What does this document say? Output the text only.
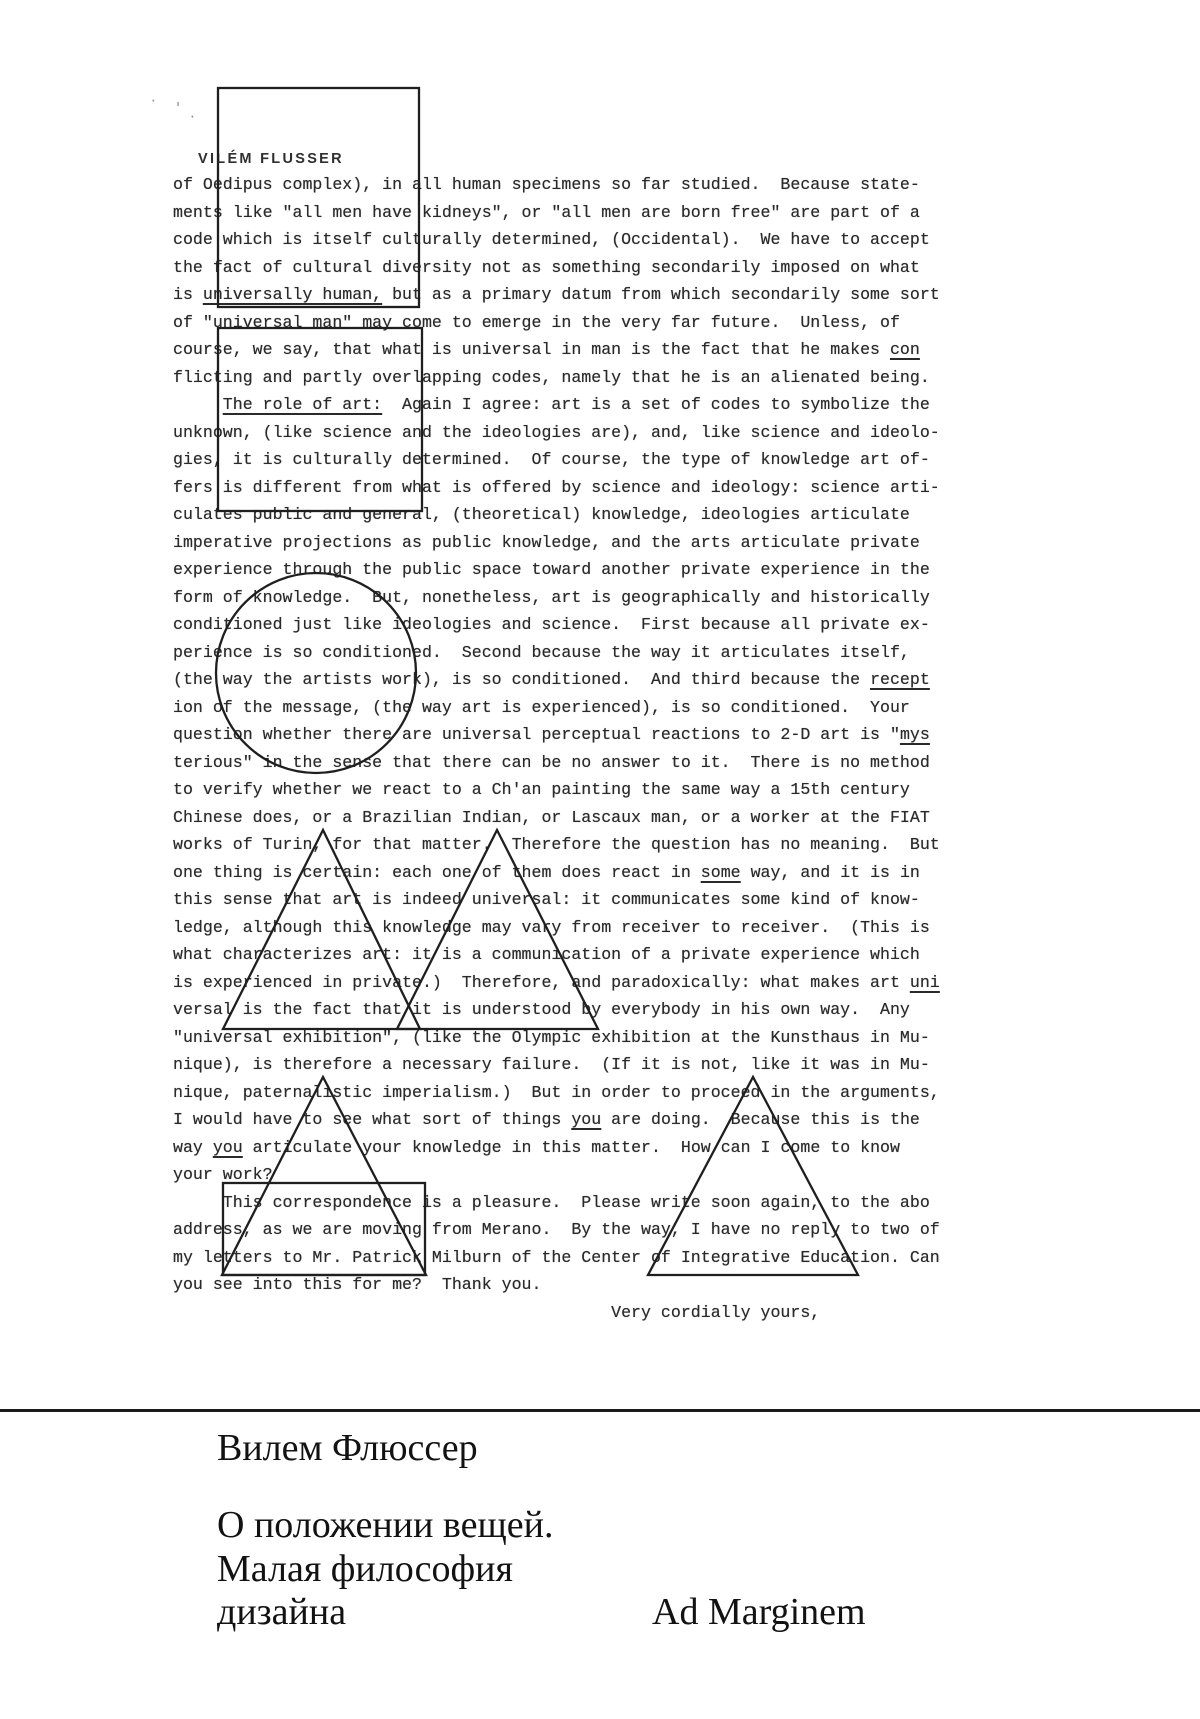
· ' ·
VILÉM FLUSSER
of Oedipus complex), in all human specimens so far studied.  Because state-
ments like "all men have kidneys", or "all men are born free" are part of a
code which is itself culturally determined, (Occidental).  We have to accept
the fact of cultural diversity not as something secondarily imposed on what
is universally human, but as a primary datum from which secondarily some sort
of "universal man" may come to emerge in the very far future.  Unless, of
course, we say, that what is universal in man is the fact that he makes con
flicting and partly overlapping codes, namely that he is an alienated being.
The role of art:  Again I agree: art is a set of codes to symbolize the
unknown, (like science and the ideologies are), and, like science and ideolo-
gies, it is culturally determined.  Of course, the type of knowledge art of-
fers is different from what is offered by science and ideology: science arti-
culates public and general, (theoretical) knowledge, ideologies articulate
imperative projections as public knowledge, and the arts articulate private
experience through the public space toward another private experience in the
form of knowledge.  But, nonetheless, art is geographically and historically
conditioned just like ideologies and science.  First because all private ex-
perience is so conditioned.  Second because the way it articulates itself,
(the way the artists work), is so conditioned.  And third because the recept
ion of the message, (the way art is experienced), is so conditioned.  Your
question whether there are universal perceptual reactions to 2-D art is "mys
terious" in the sense that there can be no answer to it.  There is no method
to verify whether we react to a Ch'an painting the same way a 15th century
Chinese does, or a Brazilian Indian, or Lascaux man, or a worker at the FIAT
works of Turin, for that matter.  Therefore the question has no meaning.  But
one thing is certain: each one of them does react in some way, and it is in
this sense that art is indeed universal: it communicates some kind of know-
ledge, although this knowledge may vary from receiver to receiver.  (This is
what characterizes art: it is a communication of a private experience which
is experienced in private.)  Therefore, and paradoxically: what makes art uni
versal is the fact that it is understood by everybody in his own way.  Any
"universal exhibition", (like the Olympic exhibition at the Kunsthaus in Mu-
nique), is therefore a necessary failure.  (If it is not, like it was in Mu-
nique, paternalistic imperialism.)  But in order to proceed in the arguments,
I would have to see what sort of things you are doing.  Because this is the
way you articulate your knowledge in this matter.  How can I come to know
your work?
This correspondence is a pleasure.  Please write soon again, to the abo
address, as we are moving from Merano.  By the way, I have no reply to two of
my letters to Mr. Patrick Milburn of the Center of Integrative Education. Can
you see into this for me?  Thank you.
Very cordially yours,
Вилем Флюссер
О положении вещей.
Малая философия
дизайна	Ad Marginem
